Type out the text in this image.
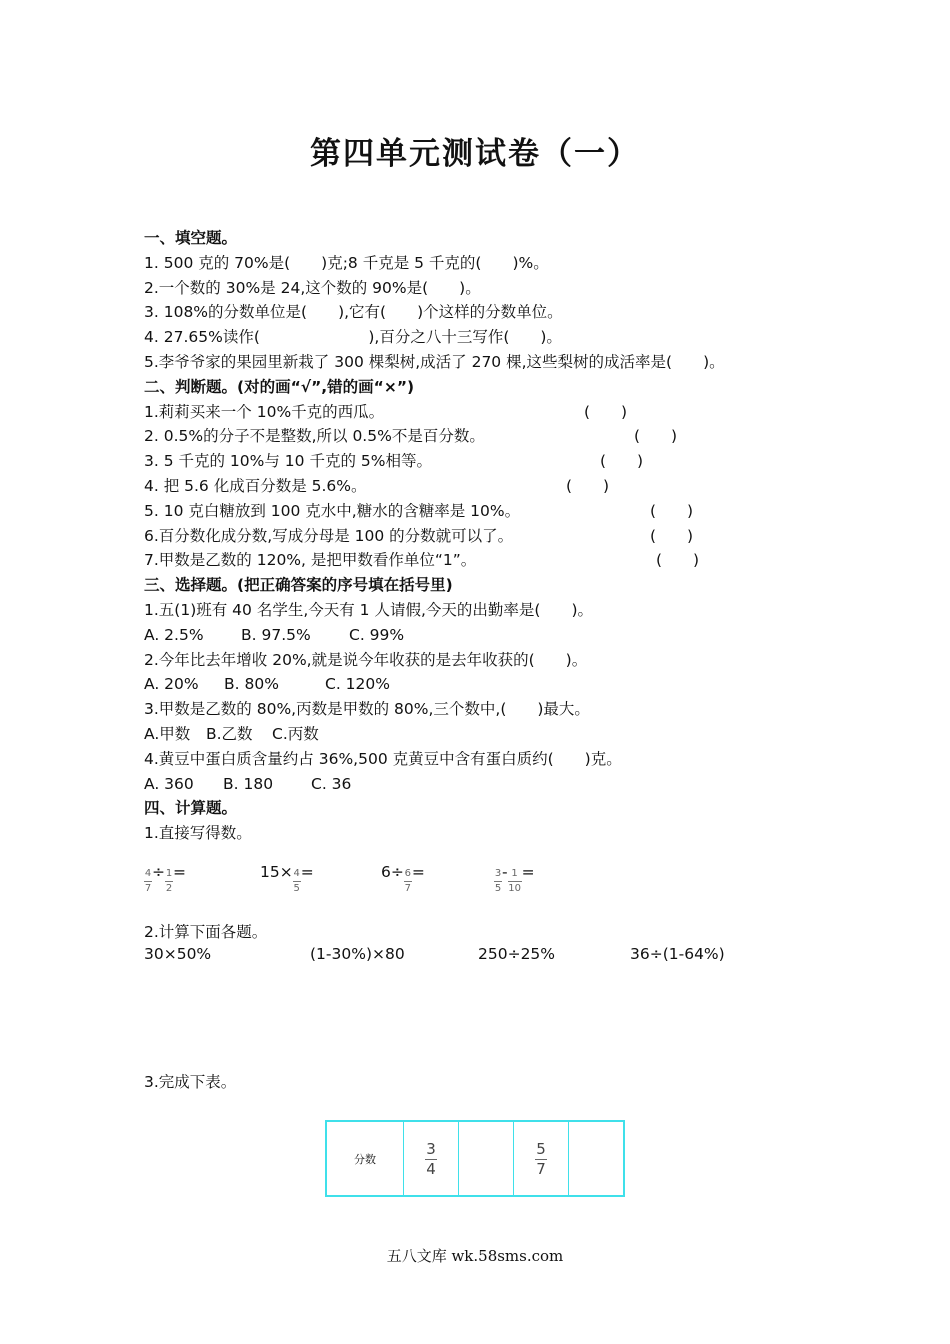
第四单元测试卷（一）
一、填空题。
1. 500 克的 70%是(　　)克;8 千克是 5 千克的(　　)%。
2.一个数的 30%是 24,这个数的 90%是(　　)。
3. 108%的分数单位是(　　),它有(　　)个这样的分数单位。
4. 27.65%读作(　　　　　　　),百分之八十三写作(　　)。
5.李爷爷家的果园里新栽了 300 棵梨树,成活了 270 棵,这些梨树的成活率是(　　)。
二、判断题。(对的画“√”,错的画“×”)
1.莉莉买来一个 10%千克的西瓜。	(　　)
2. 0.5%的分子不是整数,所以 0.5%不是百分数。	(　　)
3. 5 千克的 10%与 10 千克的 5%相等。	(　　)
4. 把 5.6 化成百分数是 5.6%。	(　　)
5. 10 克白糖放到 100 克水中,糖水的含糖率是 10%。	(　　)
6.百分数化成分数,写成分母是 100 的分数就可以了。	(　　)
7.甲数是乙数的 120%, 是把甲数看作单位“1”。	(　　)
三、选择题。(把正确答案的序号填在括号里)
1.五(1)班有 40 名学生,今天有 1 人请假,今天的出勤率是(　　)。
A. 2.5% B. 97.5% C. 99%
2.今年比去年增收 20%,就是说今年收获的是去年收获的(　　)。
A. 20% B. 80%	C. 120%
3.甲数是乙数的 80%,丙数是甲数的 80%,三个数中,(　　)最大。
A.甲数 B.乙数 C.丙数
4.黄豆中蛋白质含量约占 36%,500 克黄豆中含有蛋白质约(　　)克。
A. 360 B. 180 C. 36
四、计算题。
1.直接写得数。
4
7
÷ 1
2
=	15× 4
5
=	6÷ 6
7
=	3
5
- 1
10
=
2.计算下面各题。
30×50%	(1-30%)×80	250÷25%	36÷(1-64%)
3.完成下表。
分数	$\frac{3}{4}$		$\frac{5}{7}$

五八文库 wk.58sms.com
